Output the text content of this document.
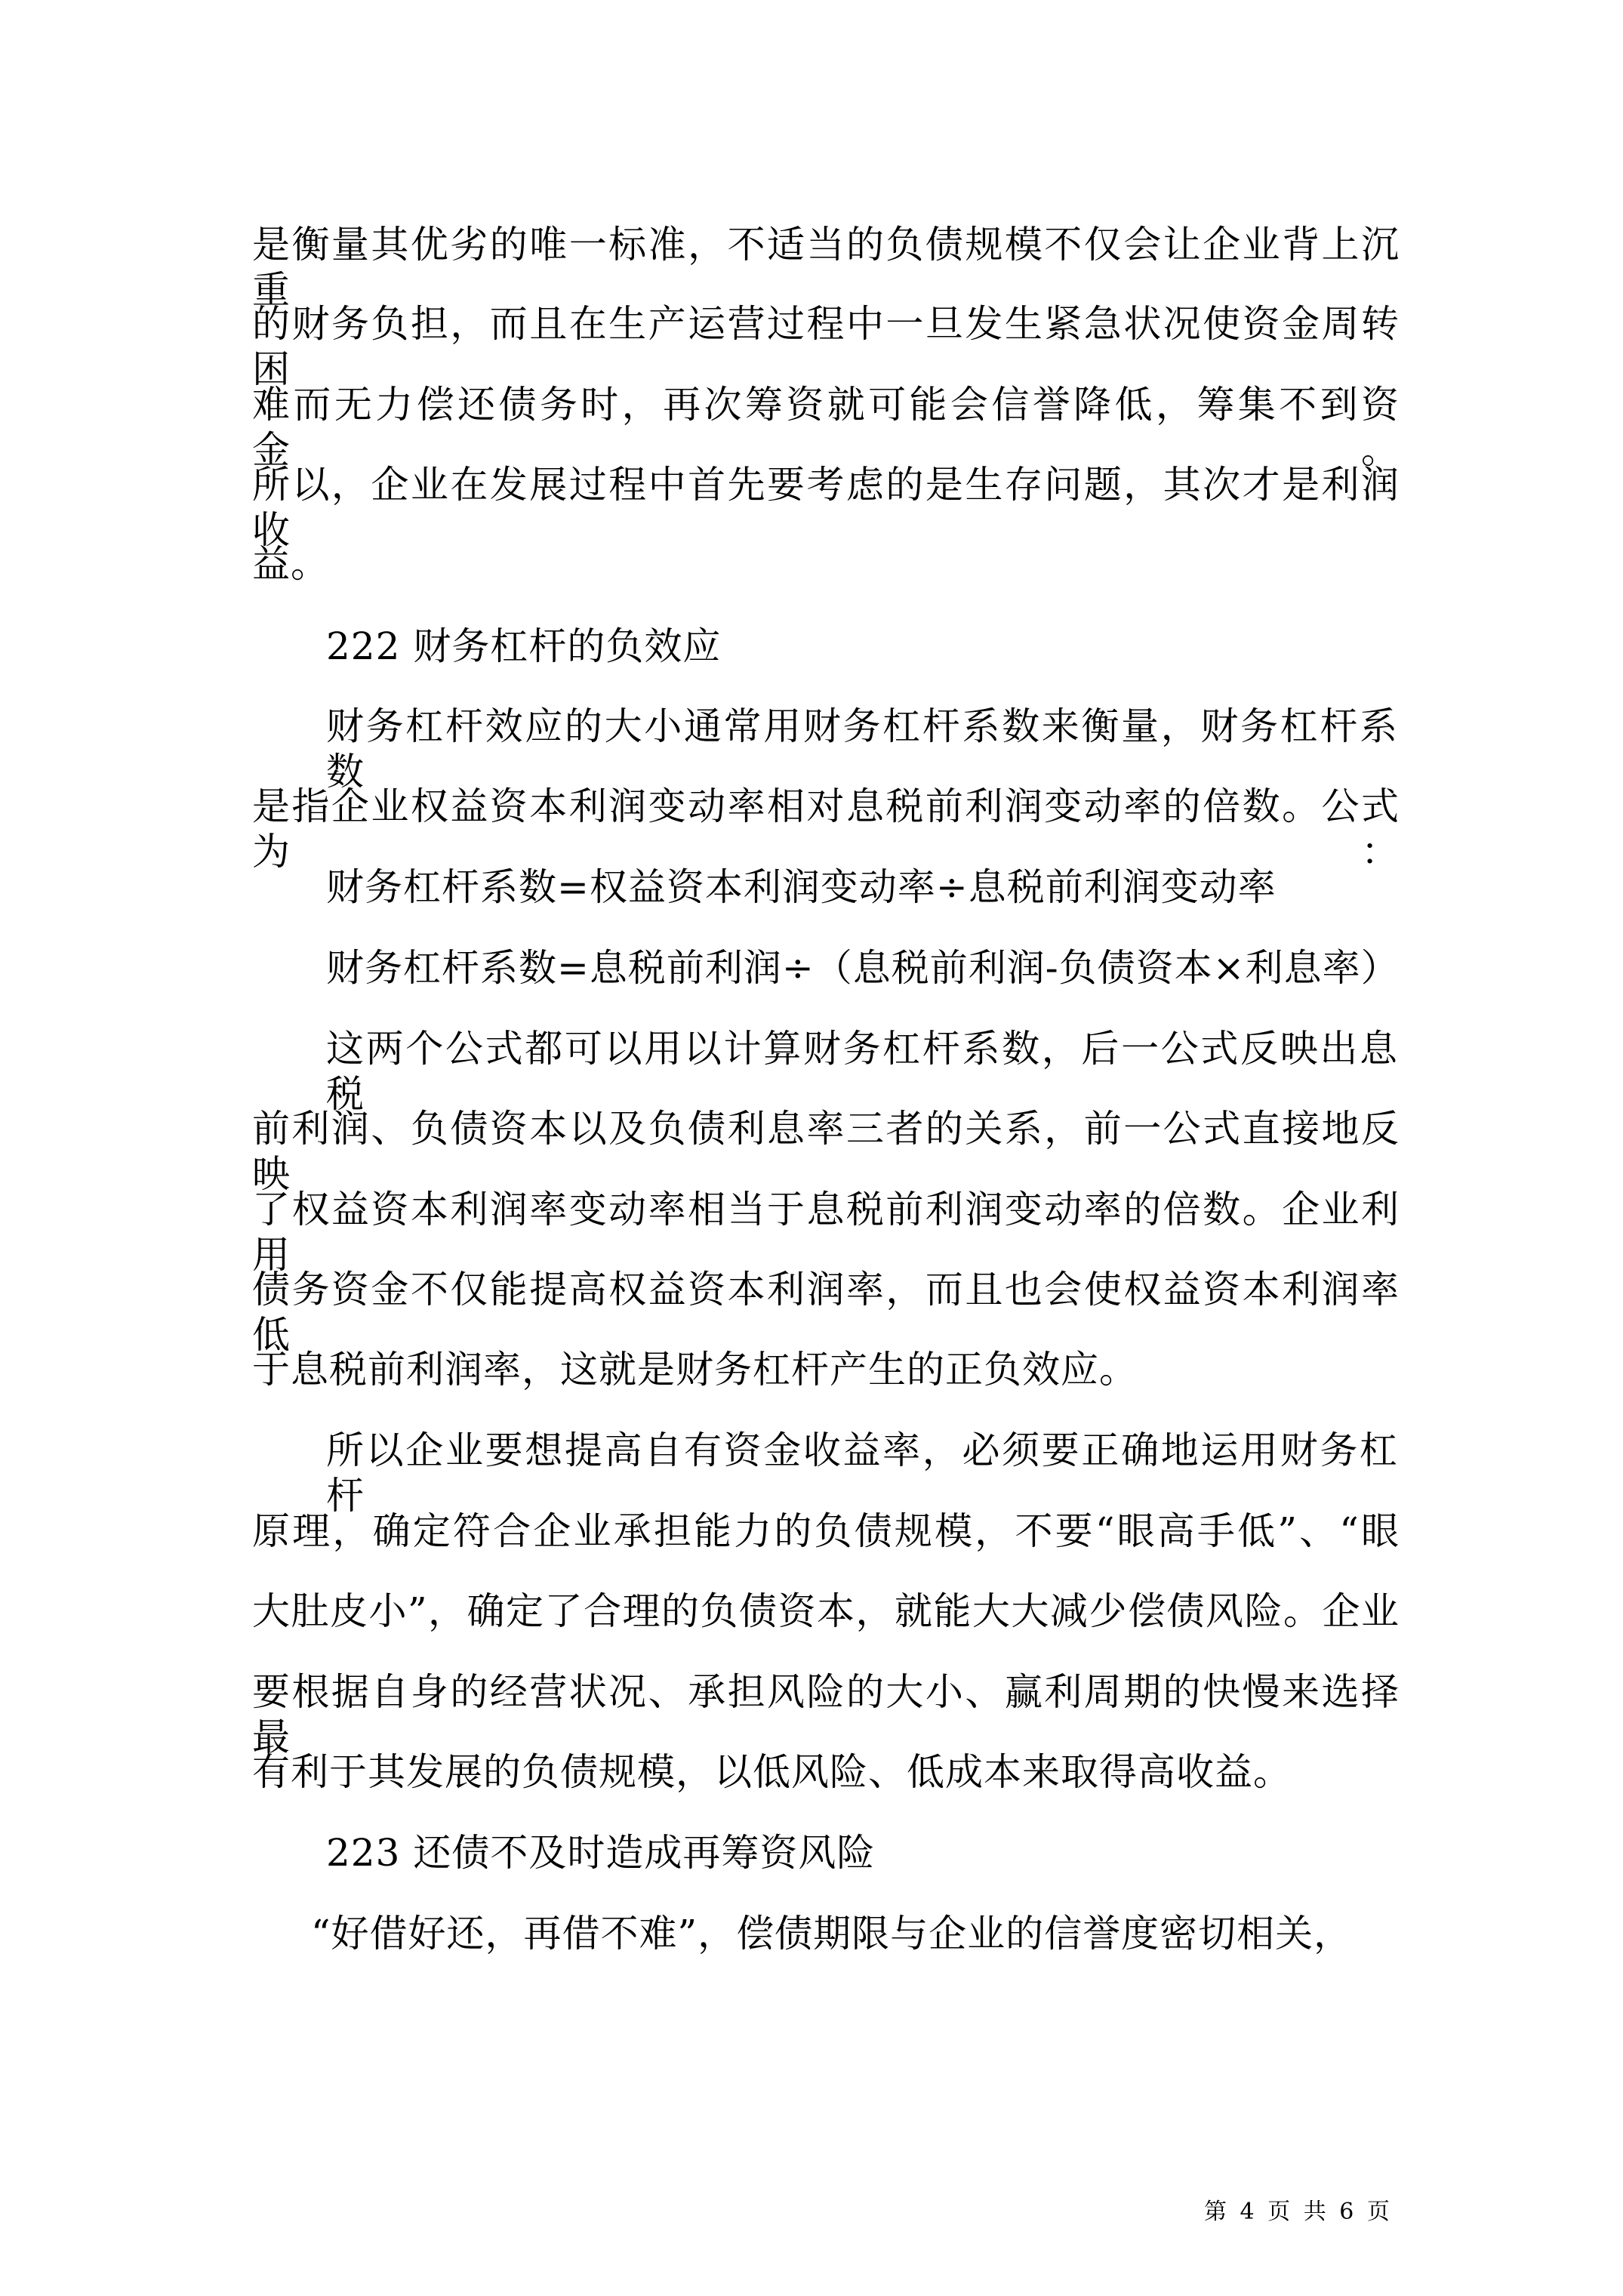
是衡量其优劣的唯一标准，不适当的负债规模不仅会让企业背上沉重
的财务负担，而且在生产运营过程中一旦发生紧急状况使资金周转困
难而无力偿还债务时，再次筹资就可能会信誉降低，筹集不到资金。
所以，企业在发展过程中首先要考虑的是生存问题，其次才是利润收
益。
222 财务杠杆的负效应
财务杠杆效应的大小通常用财务杠杆系数来衡量，财务杠杆系数
是指企业权益资本利润变动率相对息税前利润变动率的倍数。公式为：
财务杠杆系数=权益资本利润变动率÷息税前利润变动率
财务杠杆系数=息税前利润÷（息税前利润-负债资本×利息率）
这两个公式都可以用以计算财务杠杆系数，后一公式反映出息税
前利润、负债资本以及负债利息率三者的关系，前一公式直接地反映
了权益资本利润率变动率相当于息税前利润变动率的倍数。企业利用
债务资金不仅能提高权益资本利润率，而且也会使权益资本利润率低
于息税前利润率，这就是财务杠杆产生的正负效应。
所以企业要想提高自有资金收益率，必须要正确地运用财务杠杆
原理，确定符合企业承担能力的负债规模，不要“眼高手低”、“眼
大肚皮小”，确定了合理的负债资本，就能大大减少偿债风险。企业
要根据自身的经营状况、承担风险的大小、赢利周期的快慢来选择最
有利于其发展的负债规模，以低风险、低成本来取得高收益。
223 还债不及时造成再筹资风险
“好借好还，再借不难”，偿债期限与企业的信誉度密切相关，
第 4 页 共 6 页
